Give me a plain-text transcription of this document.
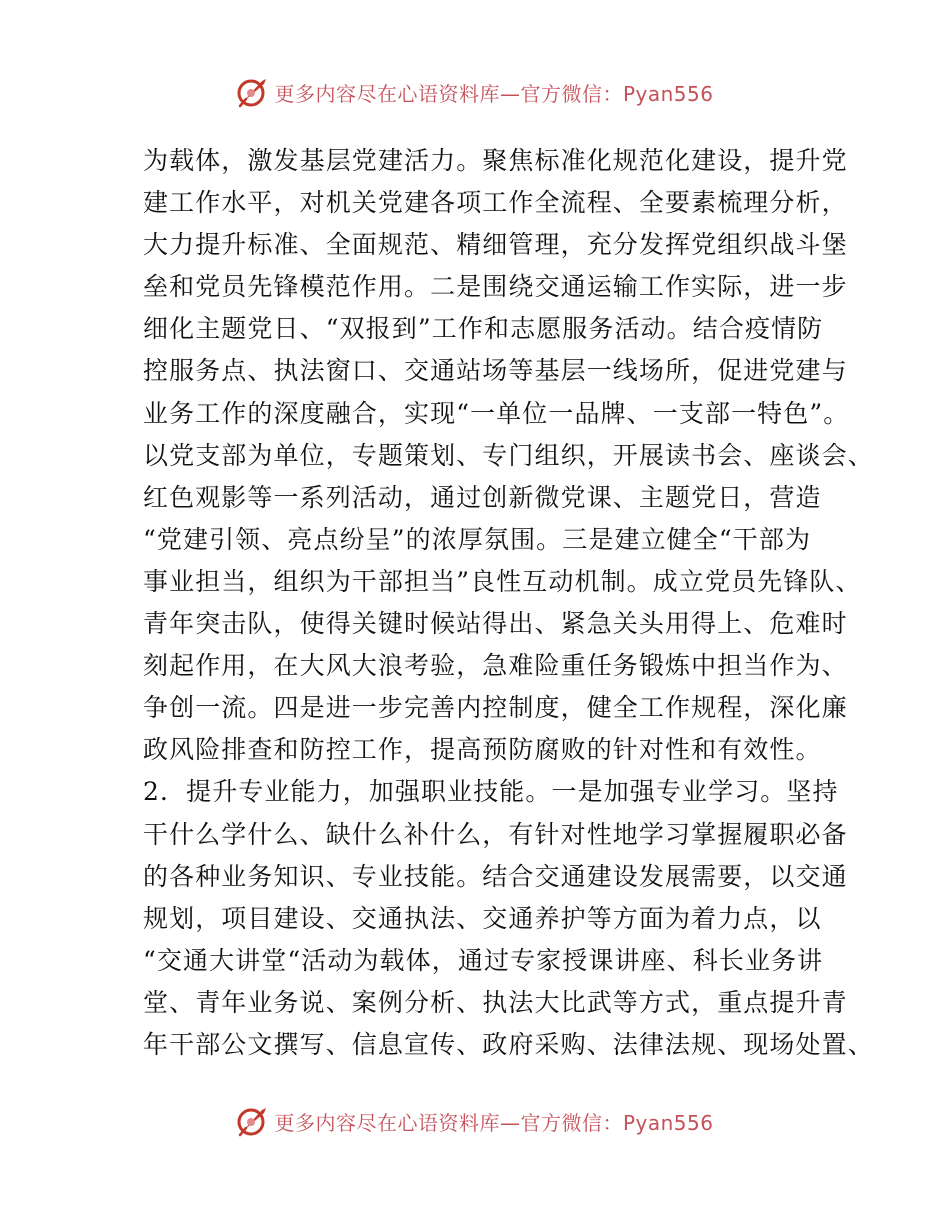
更多内容尽在心语资料库—官方微信：Pyan556
为载体，激发基层党建活力。聚焦标准化规范化建设，提升党
建工作水平，对机关党建各项工作全流程、全要素梳理分析，
大力提升标准、全面规范、精细管理，充分发挥党组织战斗堡
垒和党员先锋模范作用。二是围绕交通运输工作实际，进一步
细化主题党日、“双报到”工作和志愿服务活动。结合疫情防
控服务点、执法窗口、交通站场等基层一线场所，促进党建与
业务工作的深度融合，实现“一单位一品牌、一支部一特色”。
以党支部为单位，专题策划、专门组织，开展读书会、座谈会、
红色观影等一系列活动，通过创新微党课、主题党日，营造
“党建引领、亮点纷呈”的浓厚氛围。三是建立健全“干部为
事业担当，组织为干部担当”良性互动机制。成立党员先锋队、
青年突击队，使得关键时候站得出、紧急关头用得上、危难时
刻起作用，在大风大浪考验，急难险重任务锻炼中担当作为、
争创一流。四是进一步完善内控制度，健全工作规程，深化廉
政风险排查和防控工作，提高预防腐败的针对性和有效性。
2．提升专业能力，加强职业技能。一是加强专业学习。坚持
干什么学什么、缺什么补什么，有针对性地学习掌握履职必备
的各种业务知识、专业技能。结合交通建设发展需要，以交通
规划，项目建设、交通执法、交通养护等方面为着力点，以
“交通大讲堂“活动为载体，通过专家授课讲座、科长业务讲
堂、青年业务说、案例分析、执法大比武等方式，重点提升青
年干部公文撰写、信息宣传、政府采购、法律法规、现场处置、
更多内容尽在心语资料库—官方微信：Pyan556
